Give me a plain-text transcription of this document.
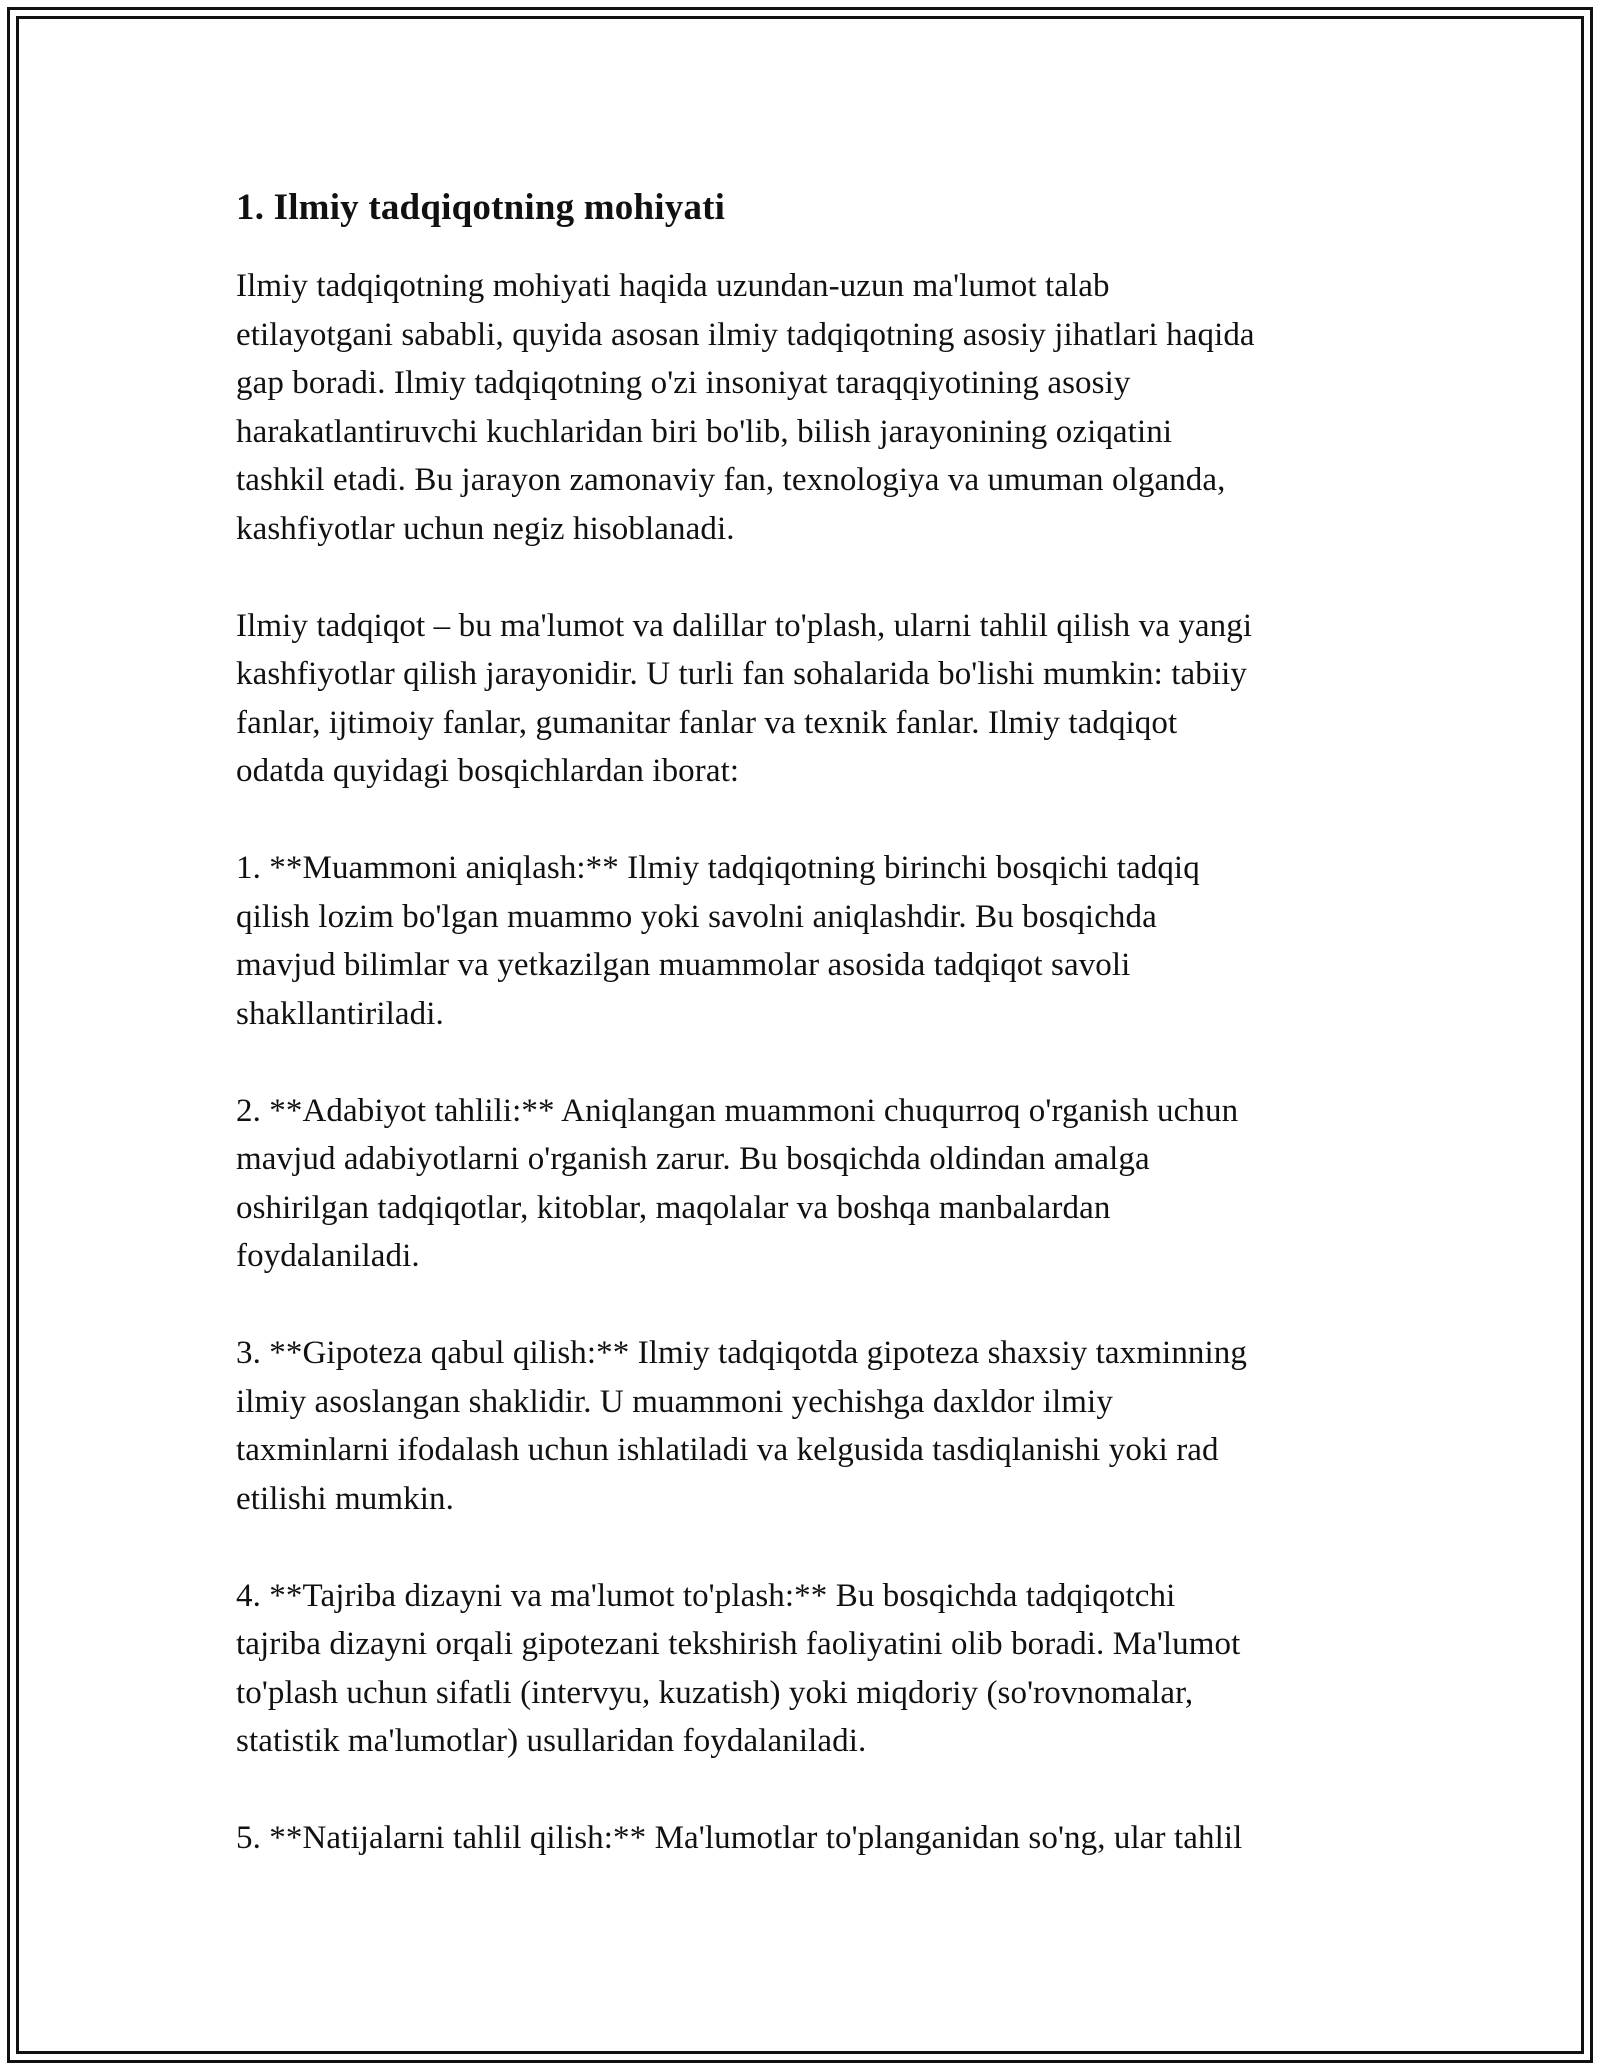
1. Ilmiy tadqiqotning mohiyati

Ilmiy tadqiqotning mohiyati haqida uzundan-uzun ma'lumot talab
etilayotgani sababli, quyida asosan ilmiy tadqiqotning asosiy jihatlari haqida
gap boradi. Ilmiy tadqiqotning o'zi insoniyat taraqqiyotining asosiy
harakatlantiruvchi kuchlaridan biri bo'lib, bilish jarayonining oziqatini
tashkil etadi. Bu jarayon zamonaviy fan, texnologiya va umuman olganda,
kashfiyotlar uchun negiz hisoblanadi.

Ilmiy tadqiqot – bu ma'lumot va dalillar to'plash, ularni tahlil qilish va yangi
kashfiyotlar qilish jarayonidir. U turli fan sohalarida bo'lishi mumkin: tabiiy
fanlar, ijtimoiy fanlar, gumanitar fanlar va texnik fanlar. Ilmiy tadqiqot
odatda quyidagi bosqichlardan iborat:

1. **Muammoni aniqlash:** Ilmiy tadqiqotning birinchi bosqichi tadqiq
qilish lozim bo'lgan muammo yoki savolni aniqlashdir. Bu bosqichda
mavjud bilimlar va yetkazilgan muammolar asosida tadqiqot savoli
shakllantiriladi.

2. **Adabiyot tahlili:** Aniqlangan muammoni chuqurroq o'rganish uchun
mavjud adabiyotlarni o'rganish zarur. Bu bosqichda oldindan amalga
oshirilgan tadqiqotlar, kitoblar, maqolalar va boshqa manbalardan
foydalaniladi.

3. **Gipoteza qabul qilish:** Ilmiy tadqiqotda gipoteza shaxsiy taxminning
ilmiy asoslangan shaklidir. U muammoni yechishga daxldor ilmiy
taxminlarni ifodalash uchun ishlatiladi va kelgusida tasdiqlanishi yoki rad
etilishi mumkin.

4. **Tajriba dizayni va ma'lumot to'plash:** Bu bosqichda tadqiqotchi
tajriba dizayni orqali gipotezani tekshirish faoliyatini olib boradi. Ma'lumot
to'plash uchun sifatli (intervyu, kuzatish) yoki miqdoriy (so'rovnomalar,
statistik ma'lumotlar) usullaridan foydalaniladi.

5. **Natijalarni tahlil qilish:** Ma'lumotlar to'planganidan so'ng, ular tahlil
